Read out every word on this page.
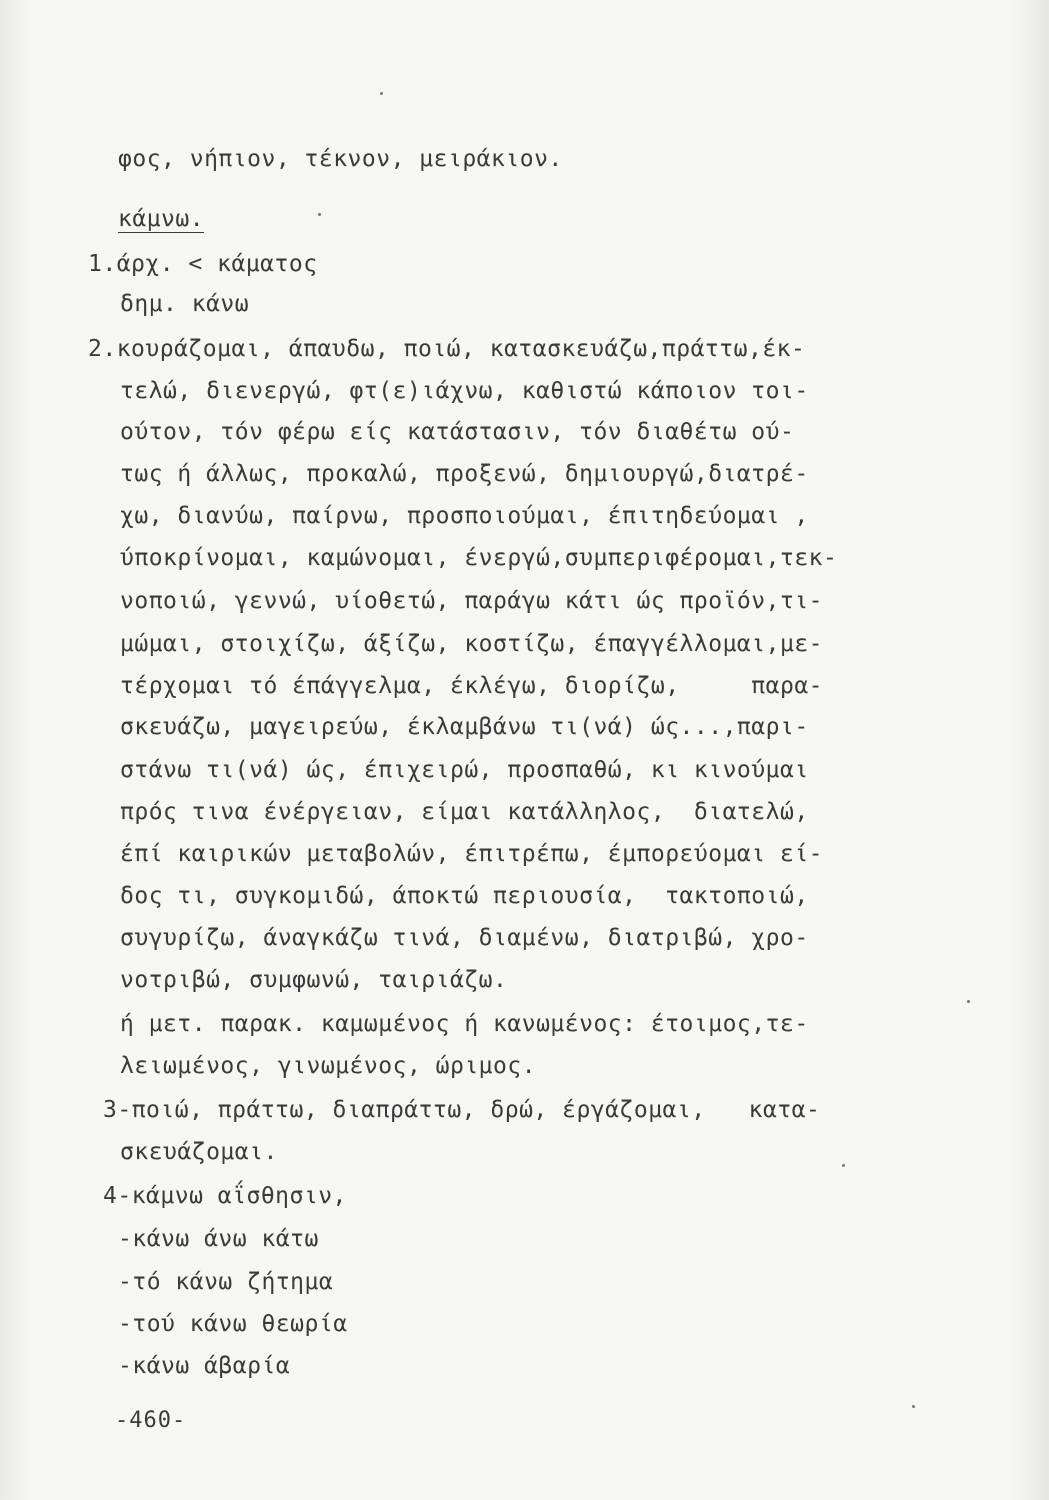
φος, νήπιον, τέκνον, μειράκιον.
κάμνω.
1.άρχ. < κάματος
δημ. κάνω
2.κουράζομαι, άπαυδω, ποιώ, κατασκευάζω,πράττω,έκ-
τελώ, διενεργώ, φτ(ε)ιάχνω, καθιστώ κάποιον τοι-
ούτον, τόν φέρω είς κατάστασιν, τόν διαθέτω ού-
τως ή άλλως, προκαλώ, προξενώ, δημιουργώ,διατρέ-
χω, διανύω, παίρνω, προσποιούμαι, έπιτηδεύομαι ,
ύποκρίνομαι, καμώνομαι, ένεργώ,συμπεριφέρομαι,τεκ-
νοποιώ, γεννώ, υίοθετώ, παράγω κάτι ώς προϊόν,τι-
μώμαι, στοιχίζω, άξίζω, κοστίζω, έπαγγέλλομαι,με-
τέρχομαι τό έπάγγελμα, έκλέγω, διορίζω,     παρα-
σκευάζω, μαγειρεύω, έκλαμβάνω τι(νά) ώς...,παρι-
στάνω τι(νά) ώς, έπιχειρώ, προσπαθώ, κι κινούμαι
πρός τινα ένέργειαν, είμαι κατάλληλος,  διατελώ,
έπί καιρικών μεταβολών, έπιτρέπω, έμπορεύομαι εί-
δος τι, συγκομιδώ, άποκτώ περιουσία,  τακτοποιώ,
συγυρίζω, άναγκάζω τινά, διαμένω, διατριβώ, χρο-
νοτριβώ, συμφωνώ, ταιριάζω.
ή μετ. παρακ. καμωμένος ή κανωμένος: έτοιμος,τε-
λειωμένος, γινωμένος, ώριμος.
3-ποιώ, πράττω, διαπράττω, δρώ, έργάζομαι,   κατα-
σκευάζομαι.
4-κάμνω αΐσθησιν,
-κάνω άνω κάτω
-τό κάνω ζήτημα
-τού κάνω θεωρία
-κάνω άβαρία
-460-
